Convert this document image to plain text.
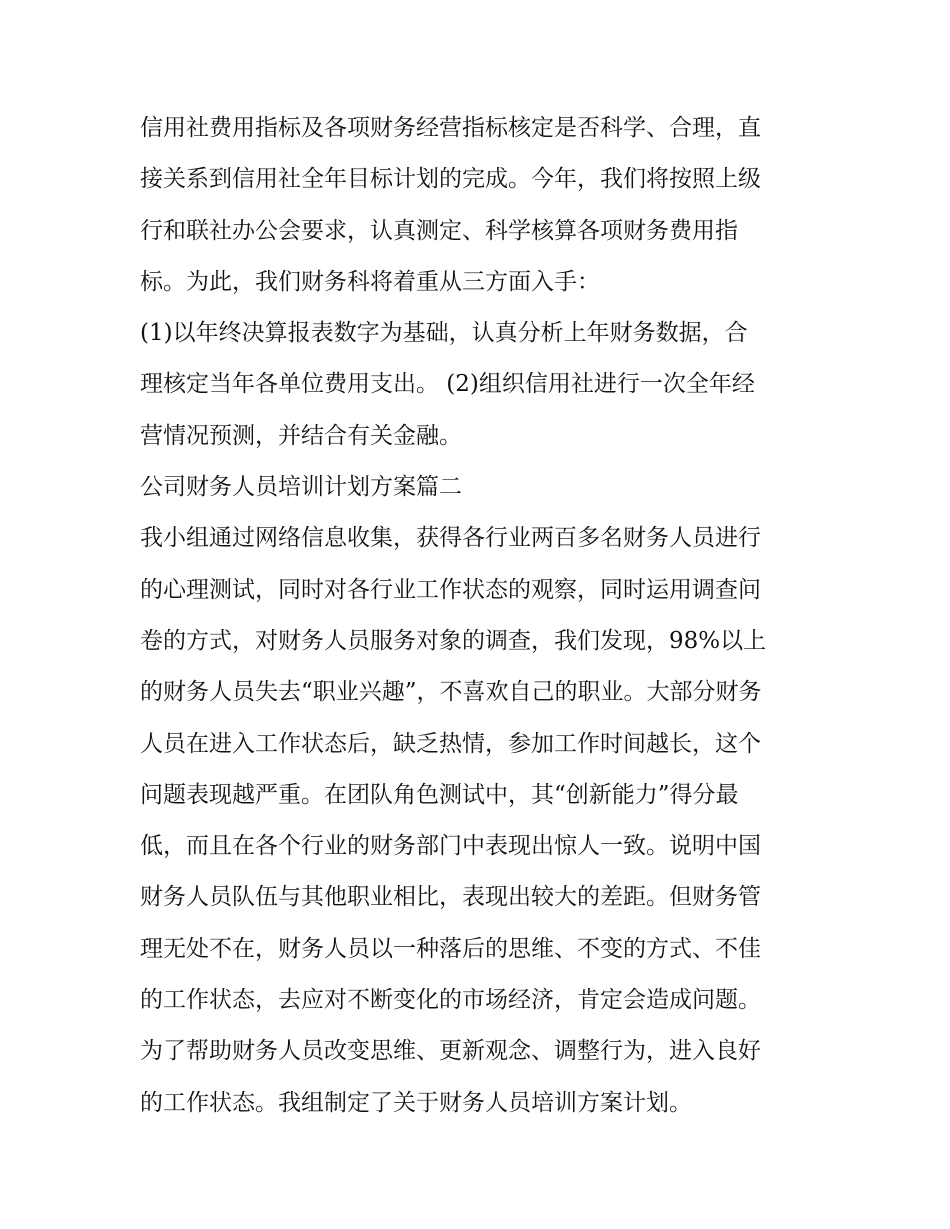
信用社费用指标及各项财务经营指标核定是否科学、合理，直
接关系到信用社全年目标计划的完成。今年，我们将按照上级
行和联社办公会要求，认真测定、科学核算各项财务费用指
标。为此，我们财务科将着重从三方面入手：
(1)以年终决算报表数字为基础，认真分析上年财务数据，合
理核定当年各单位费用支出。 (2)组织信用社进行一次全年经
营情况预测，并结合有关金融。
公司财务人员培训计划方案篇二
我小组通过网络信息收集，获得各行业两百多名财务人员进行
的心理测试，同时对各行业工作状态的观察，同时运用调查问
卷的方式，对财务人员服务对象的调查，我们发现，98%以上
的财务人员失去“职业兴趣”，不喜欢自己的职业。大部分财务
人员在进入工作状态后，缺乏热情，参加工作时间越长，这个
问题表现越严重。在团队角色测试中，其“创新能力”得分最
低，而且在各个行业的财务部门中表现出惊人一致。说明中国
财务人员队伍与其他职业相比，表现出较大的差距。但财务管
理无处不在，财务人员以一种落后的思维、不变的方式、不佳
的工作状态，去应对不断变化的市场经济，肯定会造成问题。
为了帮助财务人员改变思维、更新观念、调整行为，进入良好
的工作状态。我组制定了关于财务人员培训方案计划。
